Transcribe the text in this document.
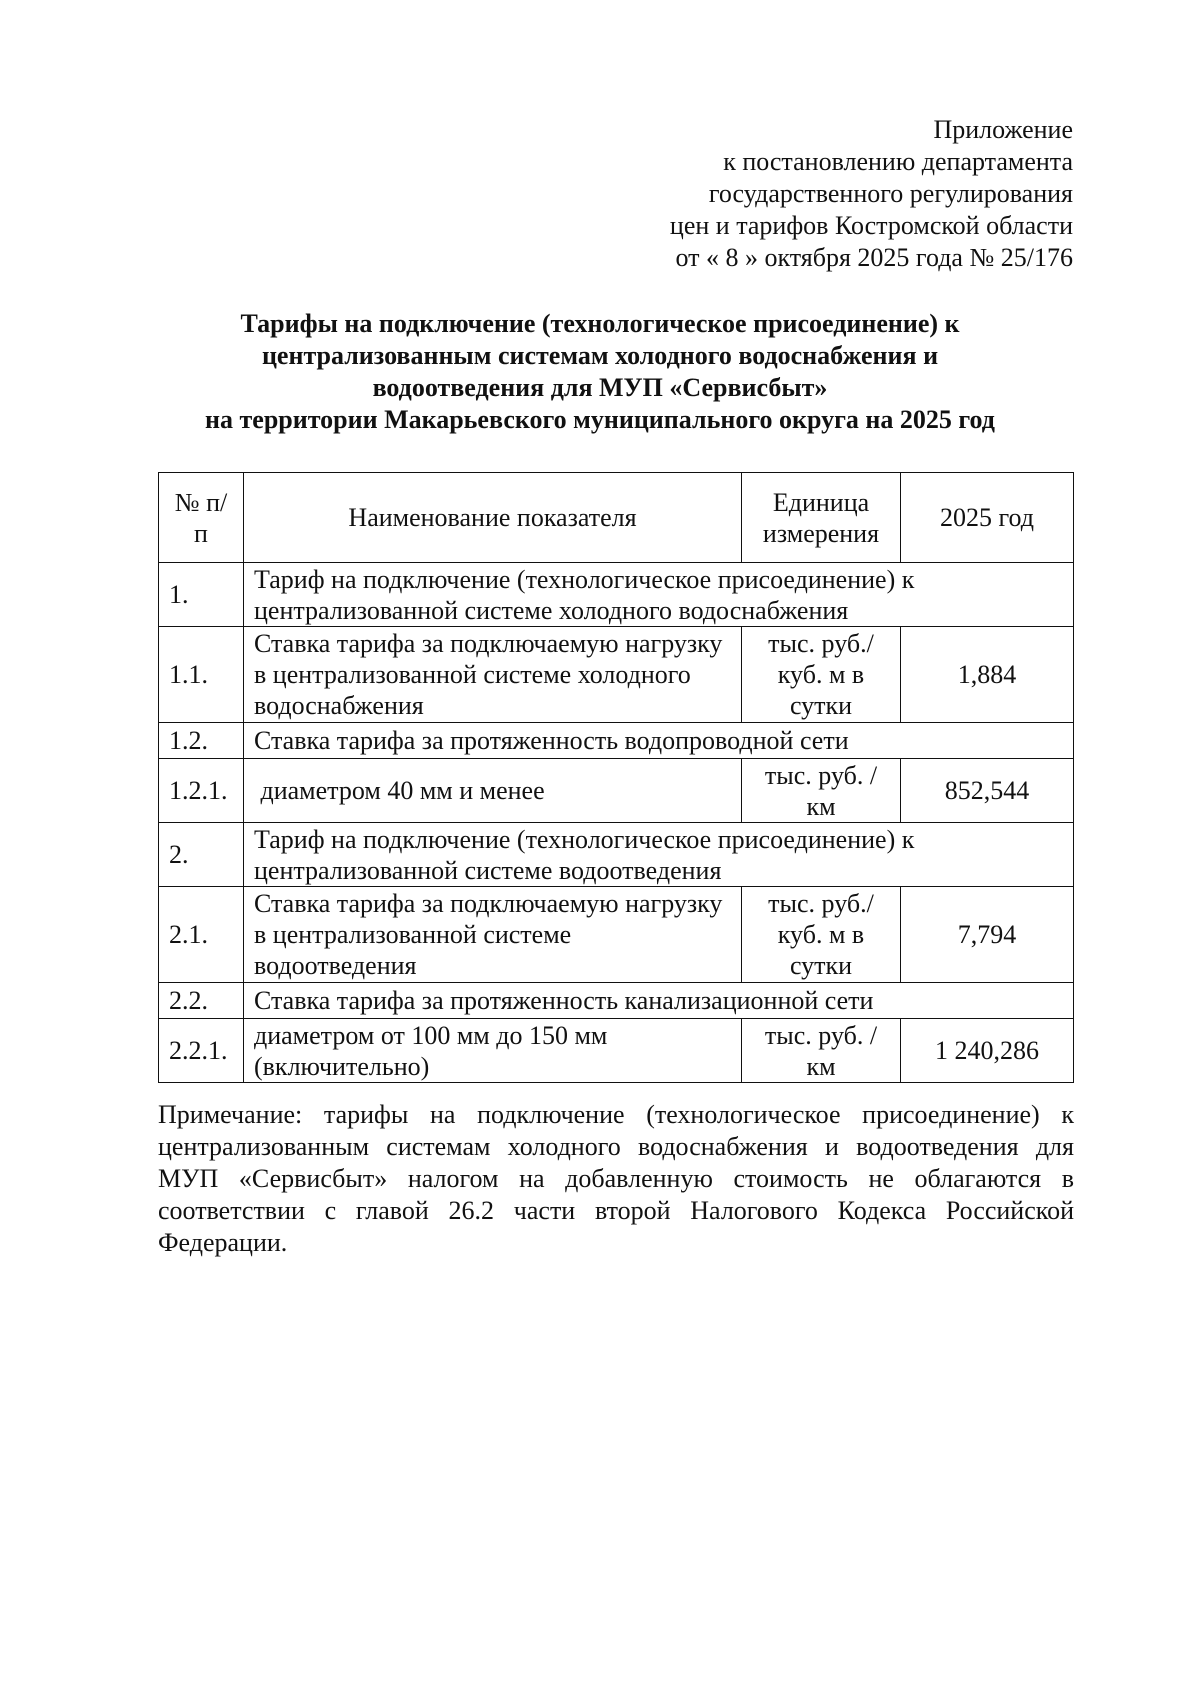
Приложение
к постановлению департамента
государственного регулирования
цен и тарифов Костромской области
от « 8 » октября 2025 года № 25/176
Тарифы на подключение (технологическое присоединение) к
централизованным системам холодного водоснабжения и
водоотведения для МУП «Сервисбыт»
на территории Макарьевского муниципального округа на 2025 год
№ п/п	Наименование показателя	Единица измерения	2025 год
1.	Тариф на подключение (технологическое присоединение) к централизованной системе холодного водоснабжения		
1.1.	Ставка тарифа за подключаемую нагрузку в централизованной системе холодного водоснабжения	тыс. руб./ куб. м в сутки	1,884
1.2.	Ставка тарифа за протяженность водопроводной сети		
1.2.1.	диаметром 40 мм и менее	тыс. руб. /км	852,544
2.	Тариф на подключение (технологическое присоединение) к централизованной системе водоотведения		
2.1.	Ставка тарифа за подключаемую нагрузку в централизованной системе водоотведения	тыс. руб./ куб. м в сутки	7,794
2.2.	Ставка тарифа за протяженность канализационной сети		
2.2.1.	диаметром от 100 мм до 150 мм (включительно)	тыс. руб. /км	1 240,286
Примечание: тарифы на подключение (технологическое присоединение) к централизованным системам холодного водоснабжения и водоотведения для МУП «Сервисбыт» налогом на добавленную стоимость не облагаются в соответствии с главой 26.2 части второй Налогового Кодекса Российской Федерации.
